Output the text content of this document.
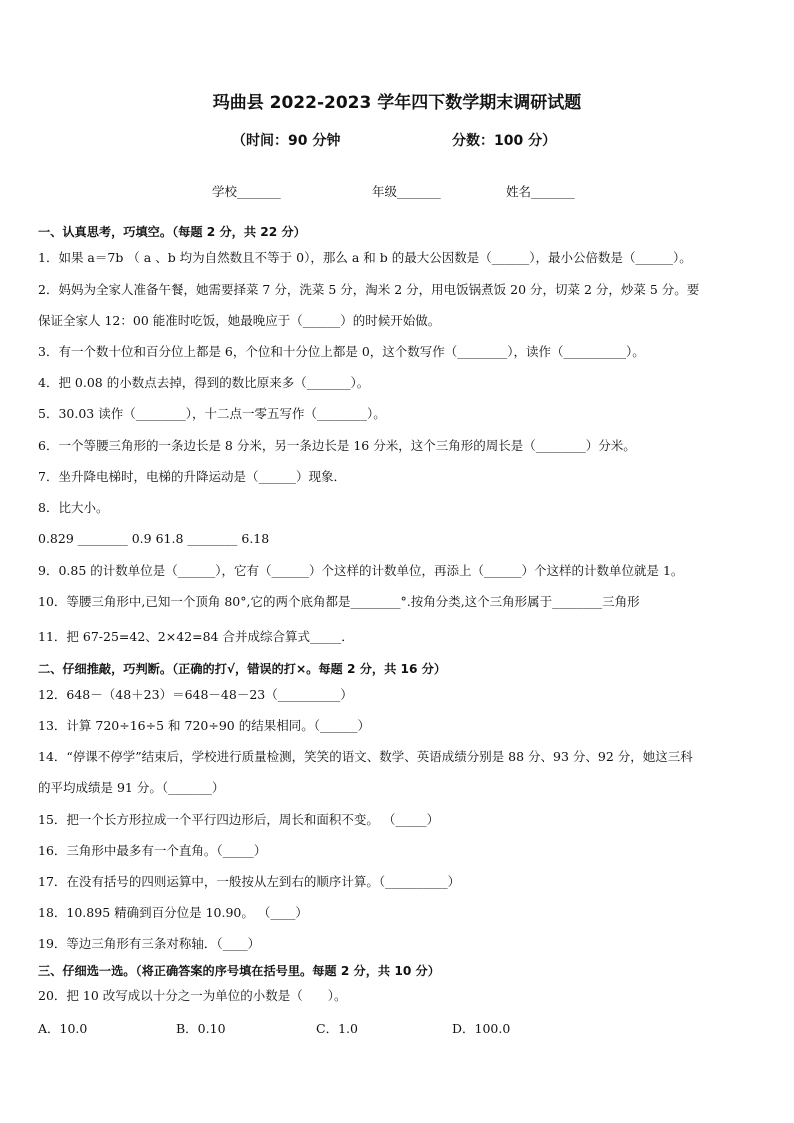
玛曲县 2022-2023 学年四下数学期末调研试题
（时间：90 分钟	分数：100 分）
学校_______	年级_______	姓名_______
一、认真思考，巧填空。（每题 2 分，共 22 分）
1．如果 a＝7b （ a 、b 均为自然数且不等于 0），那么 a 和 b 的最大公因数是（______），最小公倍数是（______）。
2．妈妈为全家人准备午餐，她需要择菜 7 分，洗菜 5 分，淘米 2 分，用电饭锅煮饭 20 分，切菜 2 分，炒菜 5 分。要
保证全家人 12：00 能准时吃饭，她最晚应于（______）的时候开始做。
3．有一个数十位和百分位上都是 6，个位和十分位上都是 0，这个数写作（________），读作（__________）。
4．把 0.08 的小数点去掉，得到的数比原来多（_______）。
5．30.03 读作（________），十二点一零五写作（________）。
6．一个等腰三角形的一条边长是 8 分米，另一条边长是 16 分米，这个三角形的周长是（________）分米。
7．坐升降电梯时，电梯的升降运动是（______）现象．
8．比大小。
0.829 ________ 0.9 61.8 ________ 6.18
9．0.85 的计数单位是（______），它有（______）个这样的计数单位，再添上（______）个这样的计数单位就是 1。
10．等腰三角形中,已知一个顶角 80°,它的两个底角都是________°.按角分类,这个三角形属于________三角形
11．把 67-25=42、2×42=84 合并成综合算式_____．
二、仔细推敲，巧判断。（正确的打√，错误的打×。每题 2 分，共 16 分）
12．648－（48＋23）＝648－48－23（__________）
13．计算 720÷16÷5 和 720÷90 的结果相同。（______）
14．“停课不停学”结束后，学校进行质量检测，笑笑的语文、数学、英语成绩分别是 88 分、93 分、92 分，她这三科
的平均成绩是 91 分。（_______）
15．把一个长方形拉成一个平行四边形后，周长和面积不变。 （_____）
16．三角形中最多有一个直角。（_____）
17．在没有括号的四则运算中，一般按从左到右的顺序计算。（__________）
18．10.895 精确到百分位是 10.90。 （____）
19．等边三角形有三条对称轴．（____）
三、仔细选一选。（将正确答案的序号填在括号里。每题 2 分，共 10 分）
20．把 10 改写成以十分之一为单位的小数是（　　）。
A．10.0	B．0.10	C．1.0	D．100.0
